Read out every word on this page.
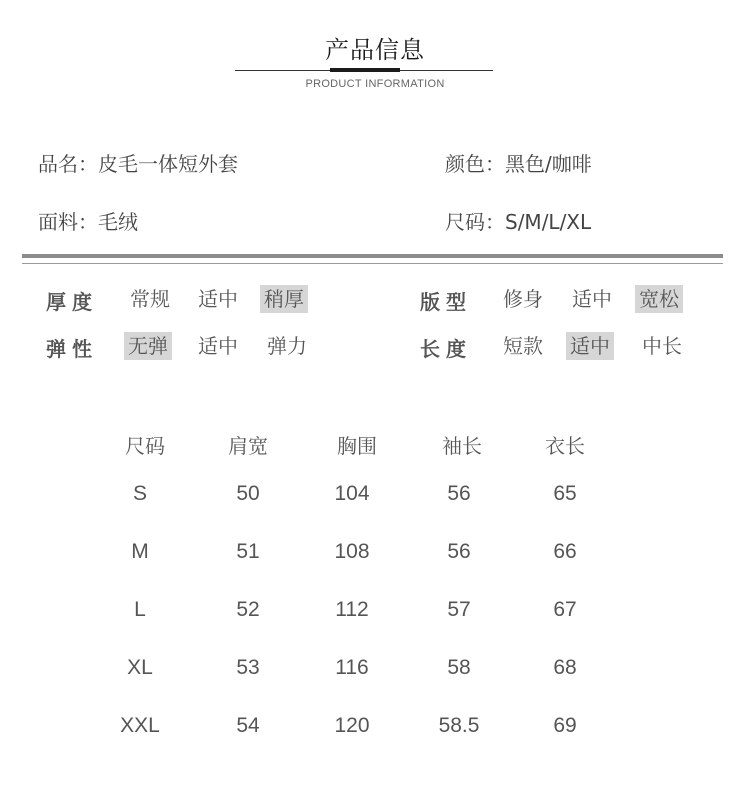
产品信息
PRODUCT INFORMATION
品名：皮毛一体短外套	颜色：黑色/咖啡
面料：毛绒	尺码：S/M/L/XL
厚度 常规 适中 稍厚	版型 修身 适中 宽松
弹性 无弹 适中 弹力	长度 短款 适中 中长
尺码	肩宽	胸围	袖长	衣长
S	50	104	56	65
M	51	108	56	66
L	52	112	57	67
XL	53	116	58	68
XXL	54	120	58.5	69
